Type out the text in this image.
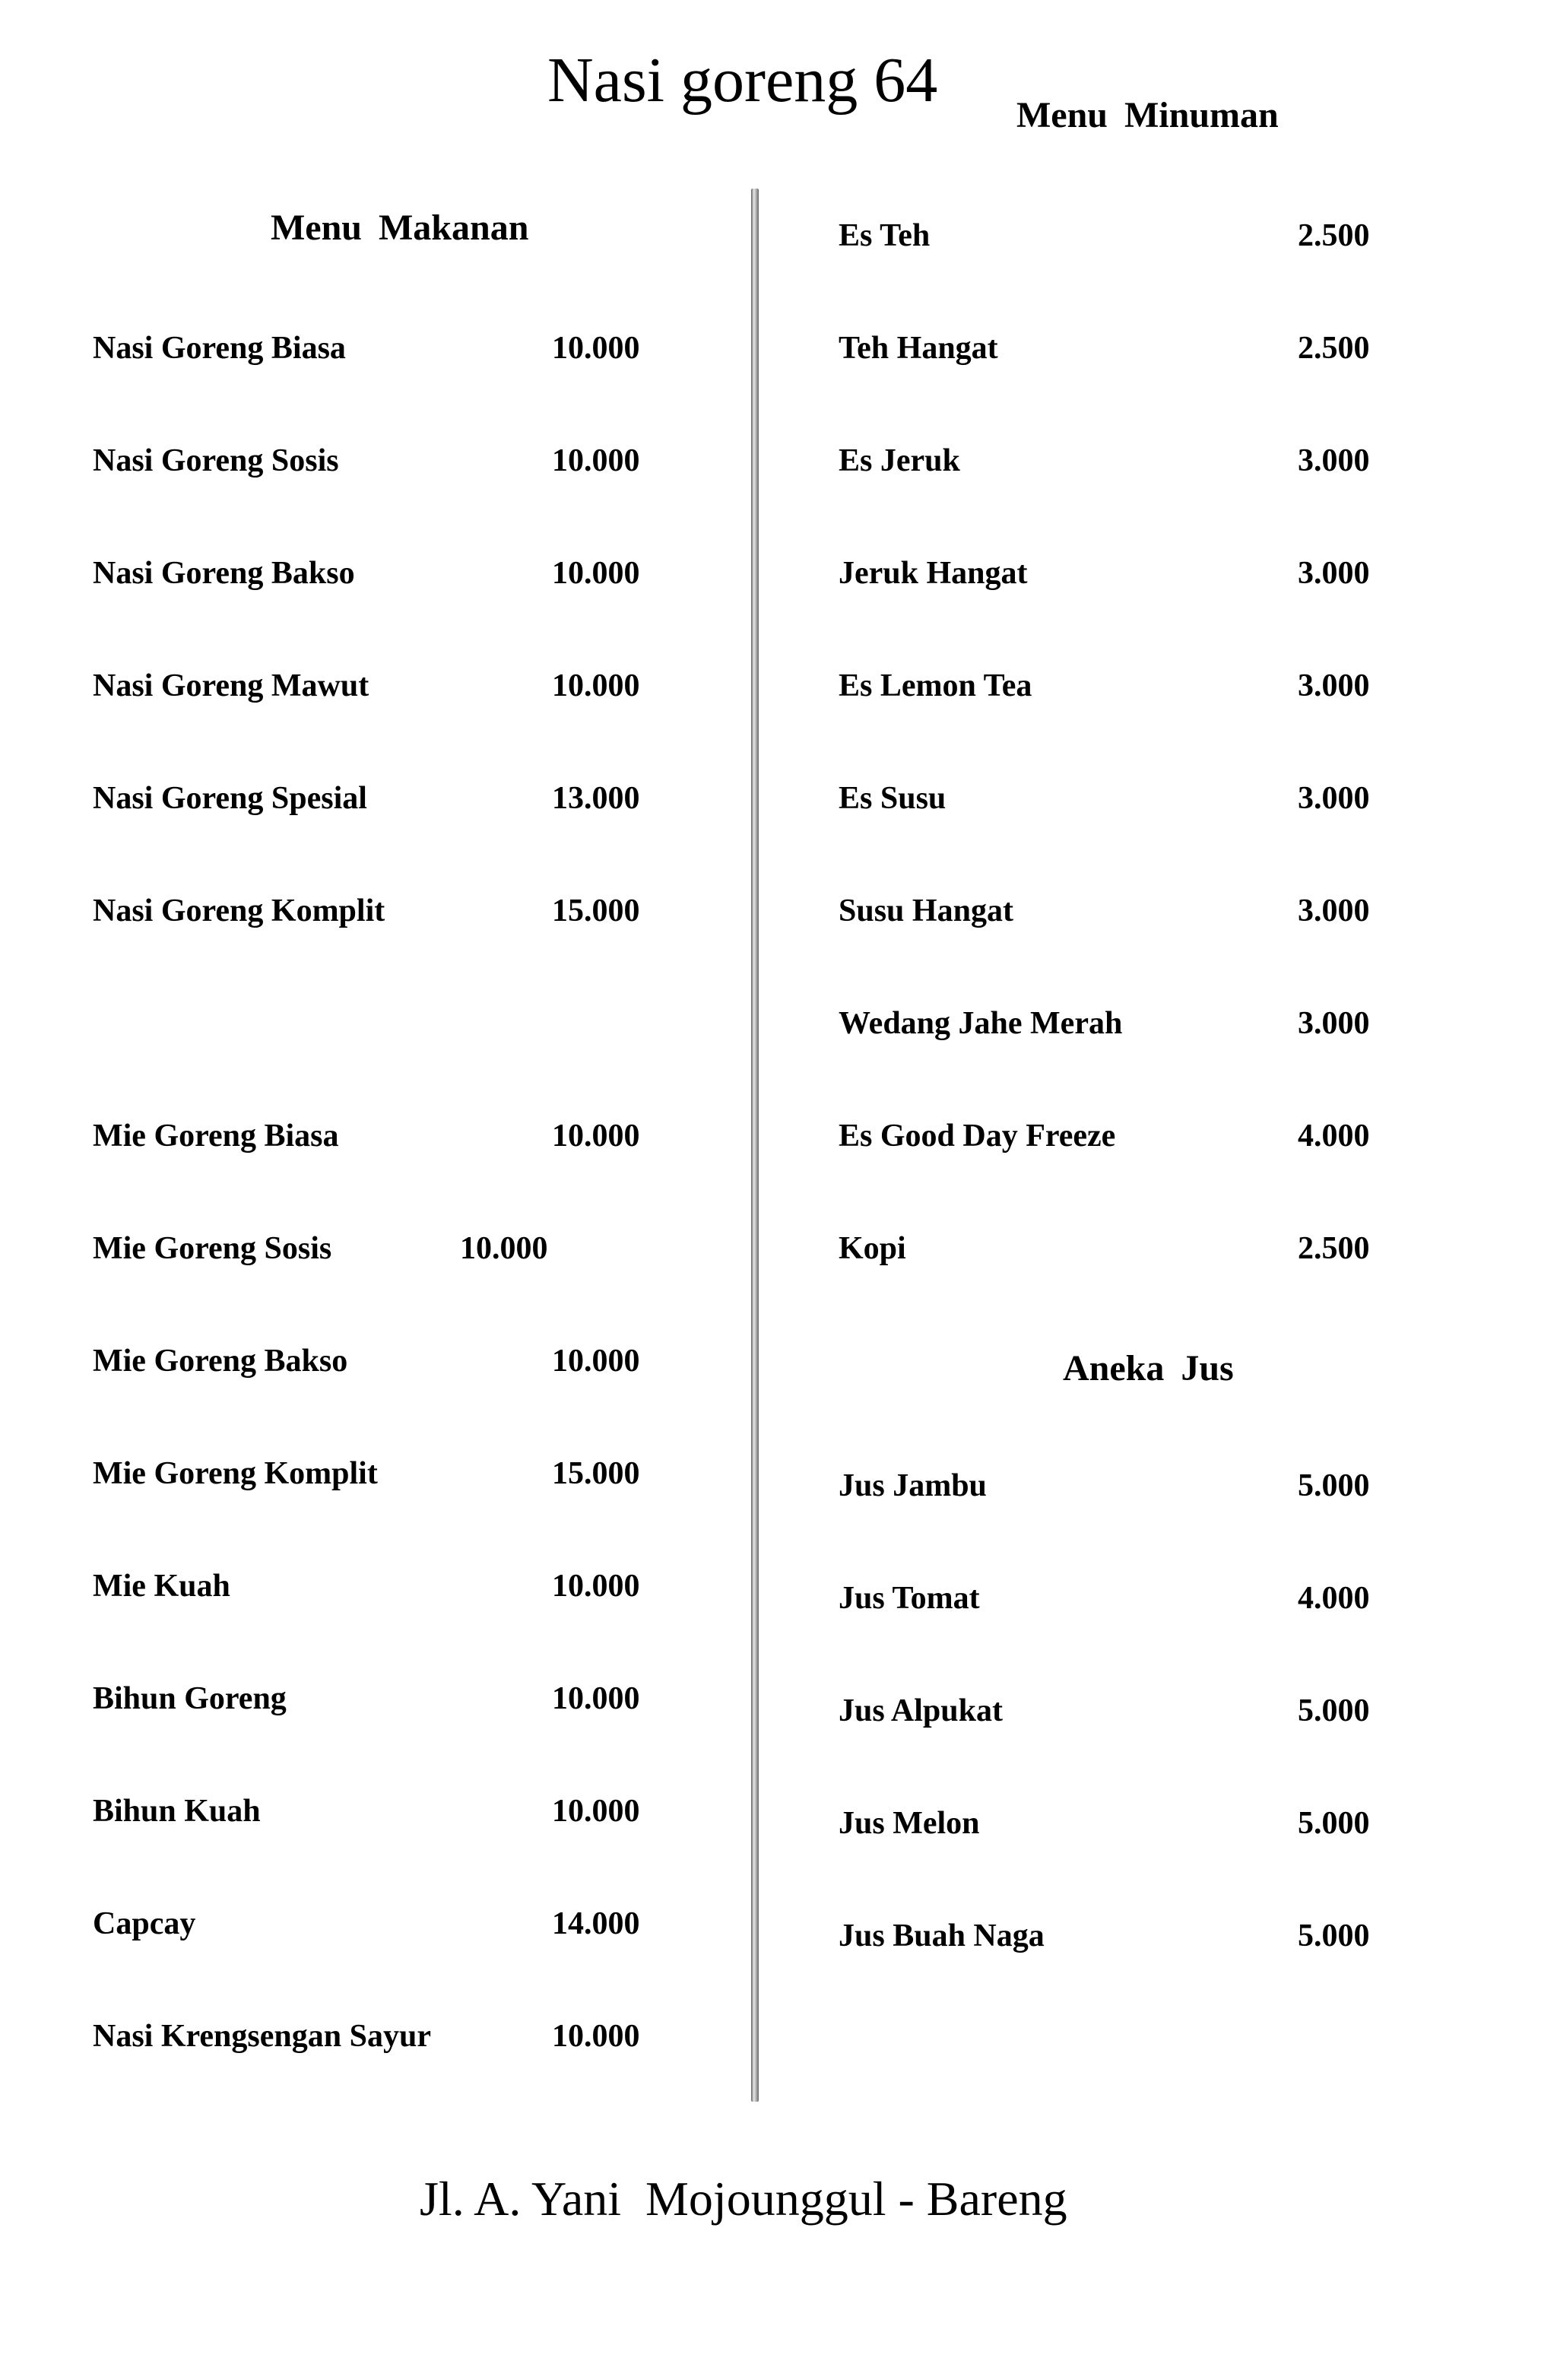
Nasi goreng 64 Menu Minuman
Menu Makanan
Nasi Goreng Biasa	10.000
Nasi Goreng Sosis	10.000
Nasi Goreng Bakso	10.000
Nasi Goreng Mawut	10.000
Nasi Goreng Spesial	13.000
Nasi Goreng Komplit	15.000
Mie Goreng Biasa	10.000
Mie Goreng Sosis	10.000
Mie Goreng Bakso	10.000
Mie Goreng Komplit	15.000
Mie Kuah	10.000
Bihun Goreng	10.000
Bihun Kuah	10.000
Capcay	14.000
Nasi Krengsengan Sayur	10.000
Es Teh	2.500
Teh Hangat	2.500
Es Jeruk	3.000
Jeruk Hangat	3.000
Es Lemon Tea	3.000
Es Susu	3.000
Susu Hangat	3.000
Wedang Jahe Merah	3.000
Es Good Day Freeze	4.000
Kopi	2.500
Aneka Jus
Jus Jambu	5.000
Jus Tomat	4.000
Jus Alpukat	5.000
Jus Melon	5.000
Jus Buah Naga	5.000
Jl. A. Yani  Mojounggul - Bareng
